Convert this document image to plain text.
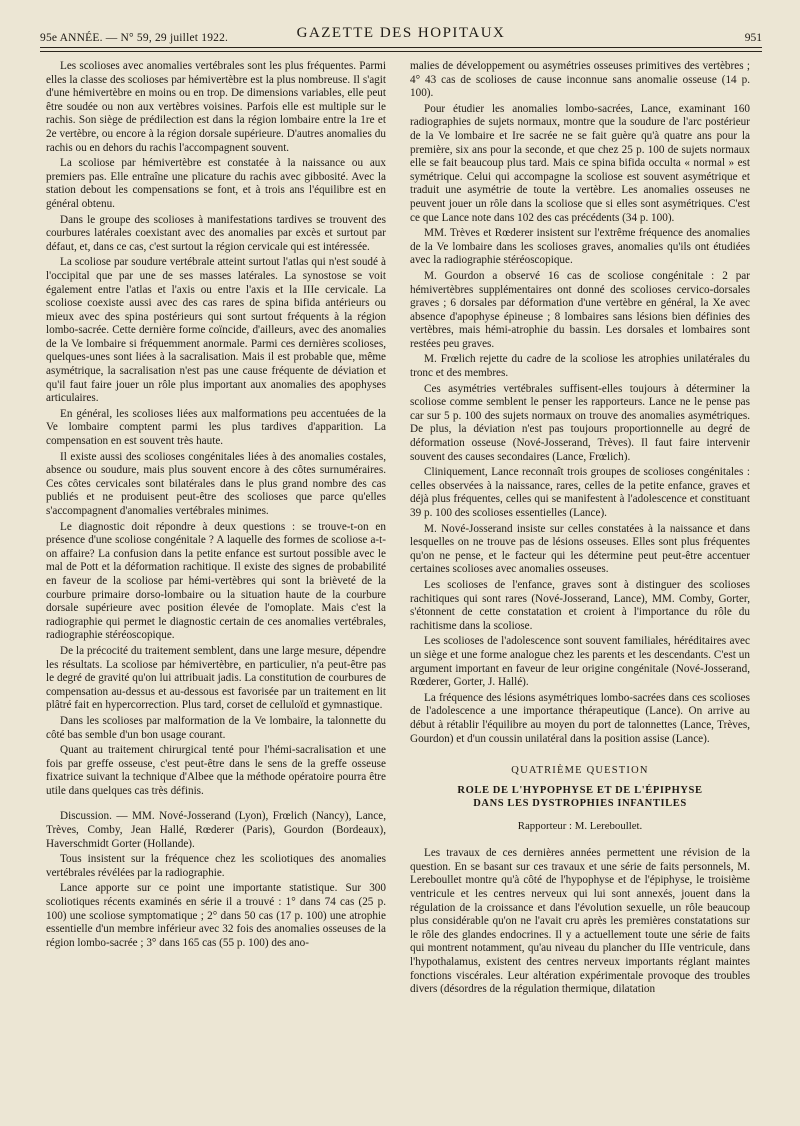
95e ANNÉE. — N° 59, 29 juillet 1922.	GAZETTE DES HOPITAUX	951

Les scolioses avec anomalies vertébrales sont les plus fréquentes. Parmi elles la classe des scolioses par hémivertèbre est la plus nombreuse. Il s'agit d'une hémivertèbre en moins ou en trop. De dimensions variables, elle peut être soudée ou non aux vertèbres voisines. Parfois elle est multiple sur le rachis. Son siège de prédilection est dans la région lombaire entre la 1re et 2e vertèbre, ou encore à la région dorsale supérieure. D'autres anomalies du rachis ou en dehors du rachis l'accompagnent souvent.

La scoliose par hémivertèbre est constatée à la naissance ou aux premiers pas. Elle entraîne une plicature du rachis avec gibbosité. Avec la station debout les compensations se font, et à trois ans l'équilibre est en général obtenu.

Dans le groupe des scolioses à manifestations tardives se trouvent des courbures latérales coexistant avec des anomalies par excès et surtout par défaut, et, dans ce cas, c'est surtout la région cervicale qui est intéressée.

La scoliose par soudure vertébrale atteint surtout l'atlas qui n'est soudé à l'occipital que par une de ses masses latérales. La synostose se voit également entre l'atlas et l'axis ou entre l'axis et la IIIe cervicale. La scoliose coexiste aussi avec des cas rares de spina bifida antérieurs ou mieux avec des spina postérieurs qui sont surtout fréquents à la région lombo-sacrée. Cette dernière forme coïncide, d'ailleurs, avec des anomalies de la Ve lombaire si fréquemment anormale. Parmi ces dernières scolioses, quelques-unes sont liées à la sacralisation. Mais il est probable que, même asymétrique, la sacralisation n'est pas une cause fréquente de déviation et qu'il faut faire jouer un rôle plus important aux anomalies des apophyses articulaires.

En général, les scolioses liées aux malformations peu accentuées de la Ve lombaire comptent parmi les plus tardives d'apparition. La compensation en est souvent très haute.

Il existe aussi des scolioses congénitales liées à des anomalies costales, absence ou soudure, mais plus souvent encore à des côtes surnuméraires. Ces côtes cervicales sont bilatérales dans le plus grand nombre des cas publiés et ne produisent peut-être des scolioses que parce qu'elles s'accompagnent d'anomalies vertébrales minimes.

Le diagnostic doit répondre à deux questions : se trouve-t-on en présence d'une scoliose congénitale ? A laquelle des formes de scoliose a-t-on affaire? La confusion dans la petite enfance est surtout possible avec le mal de Pott et la déformation rachitique. Il existe des signes de probabilité en faveur de la scoliose par hémi-vertèbres qui sont la brièveté de la courbure primaire dorso-lombaire ou la situation haute de la courbure dorsale supérieure avec position élevée de l'omoplate. Mais c'est la radiographie qui permet le diagnostic certain de ces anomalies vertébrales, radiographie stéréoscopique.

De la précocité du traitement semblent, dans une large mesure, dépendre les résultats. La scoliose par hémivertèbre, en particulier, n'a peut-être pas le degré de gravité qu'on lui attribuait jadis. La constitution de courbures de compensation au-dessus et au-dessous est favorisée par un traitement en lit plâtré fait en hypercorrection. Plus tard, corset de celluloïd et gymnastique.

Dans les scolioses par malformation de la Ve lombaire, la talonnette du côté bas semble d'un bon usage courant.

Quant au traitement chirurgical tenté pour l'hémi-sacralisation et une fois par greffe osseuse, c'est peut-être dans le sens de la greffe osseuse fixatrice suivant la technique d'Albee que la méthode opératoire pourra être utile dans quelques cas très définis.

Discussion. — MM. Nové-Josserand (Lyon), Frœlich (Nancy), Lance, Trèves, Comby, Jean Hallé, Rœderer (Paris), Gourdon (Bordeaux), Haverschmidt Gorter (Hollande).

Tous insistent sur la fréquence chez les scoliotiques des anomalies vertébrales révélées par la radiographie.

Lance apporte sur ce point une importante statistique. Sur 300 scoliotiques récents examinés en série il a trouvé : 1° dans 74 cas (25 p. 100) une scoliose symptomatique ; 2° dans 50 cas (17 p. 100) une atrophie essentielle d'un membre inférieur avec 32 fois des anomalies osseuses de la région lombo-sacrée ; 3° dans 165 cas (55 p. 100) des ano-

malies de développement ou asymétries osseuses primitives des vertèbres ; 4° 43 cas de scolioses de cause inconnue sans anomalie osseuse (14 p. 100).

Pour étudier les anomalies lombo-sacrées, Lance, examinant 160 radiographies de sujets normaux, montre que la soudure de l'arc postérieur de la Ve lombaire et Ire sacrée ne se fait guère qu'à quatre ans pour la première, six ans pour la seconde, et que chez 25 p. 100 de sujets normaux elle se fait beaucoup plus tard. Mais ce spina bifida occulta « normal » est symétrique. Celui qui accompagne la scoliose est souvent asymétrique et traduit une asymétrie de toute la vertèbre. Les anomalies osseuses ne peuvent jouer un rôle dans la scoliose que si elles sont asymétriques. C'est ce que Lance note dans 102 des cas précédents (34 p. 100).

MM. Trèves et Rœderer insistent sur l'extrême fréquence des anomalies de la Ve lombaire dans les scolioses graves, anomalies qu'ils ont étudiées avec la radiographie stéréoscopique.

M. Gourdon a observé 16 cas de scoliose congénitale : 2 par hémivertèbres supplémentaires ont donné des scolioses cervico-dorsales graves ; 6 dorsales par déformation d'une vertèbre en général, la Xe avec absence d'apophyse épineuse ; 8 lombaires sans lésions bien définies des vertèbres, mais hémi-atrophie du bassin. Les dorsales et lombaires sont restées peu graves.

M. Frœlich rejette du cadre de la scoliose les atrophies unilatérales du tronc et des membres.

Ces asymétries vertébrales suffisent-elles toujours à déterminer la scoliose comme semblent le penser les rapporteurs. Lance ne le pense pas car sur 5 p. 100 des sujets normaux on trouve des anomalies asymétriques. De plus, la déviation n'est pas toujours proportionnelle au degré de déformation osseuse (Nové-Josserand, Trèves). Il faut faire intervenir souvent des causes secondaires (Lance, Frœlich).

Cliniquement, Lance reconnaît trois groupes de scolioses congénitales : celles observées à la naissance, rares, celles de la petite enfance, graves et déjà plus fréquentes, celles qui se manifestent à l'adolescence et constituant 39 p. 100 des scolioses essentielles (Lance).

M. Nové-Josserand insiste sur celles constatées à la naissance et dans lesquelles on ne trouve pas de lésions osseuses. Elles sont plus fréquentes qu'on ne pense, et le facteur qui les détermine peut peut-être accentuer certaines scolioses avec anomalies osseuses.

Les scolioses de l'enfance, graves sont à distinguer des scolioses rachitiques qui sont rares (Nové-Josserand, Lance), MM. Comby, Gorter, s'étonnent de cette constatation et croient à l'importance du rôle du rachitisme dans la scoliose.

Les scolioses de l'adolescence sont souvent familiales, héréditaires avec un siège et une forme analogue chez les parents et les descendants. C'est un argument important en faveur de leur origine congénitale (Nové-Josserand, Rœderer, Gorter, J. Hallé).

La fréquence des lésions asymétriques lombo-sacrées dans ces scolioses de l'adolescence a une importance thérapeutique (Lance). On arrive au début à rétablir l'équilibre au moyen du port de talonnettes (Lance, Trèves, Gourdon) et d'un coussin unilatéral dans la position assise (Lance).

QUATRIÈME QUESTION
ROLE DE L'HYPOPHYSE ET DE L'ÉPIPHYSE
DANS LES DYSTROPHIES INFANTILES
Rapporteur : M. Lereboullet.

Les travaux de ces dernières années permettent une révision de la question. En se basant sur ces travaux et une série de faits personnels, M. Lereboullet montre qu'à côté de l'hypophyse et de l'épiphyse, le troisième ventricule et les centres nerveux qui lui sont annexés, jouent dans la régulation de la croissance et dans l'évolution sexuelle, un rôle beaucoup plus considérable qu'on ne l'avait cru après les premières constatations sur le rôle des glandes endocrines. Il y a actuellement toute une série de faits qui montrent notamment, qu'au niveau du plancher du IIIe ventricule, dans l'hypothalamus, existent des centres nerveux importants réglant maintes fonctions viscérales. Leur altération expérimentale provoque des troubles divers (désordres de la régulation thermique, dilatation
